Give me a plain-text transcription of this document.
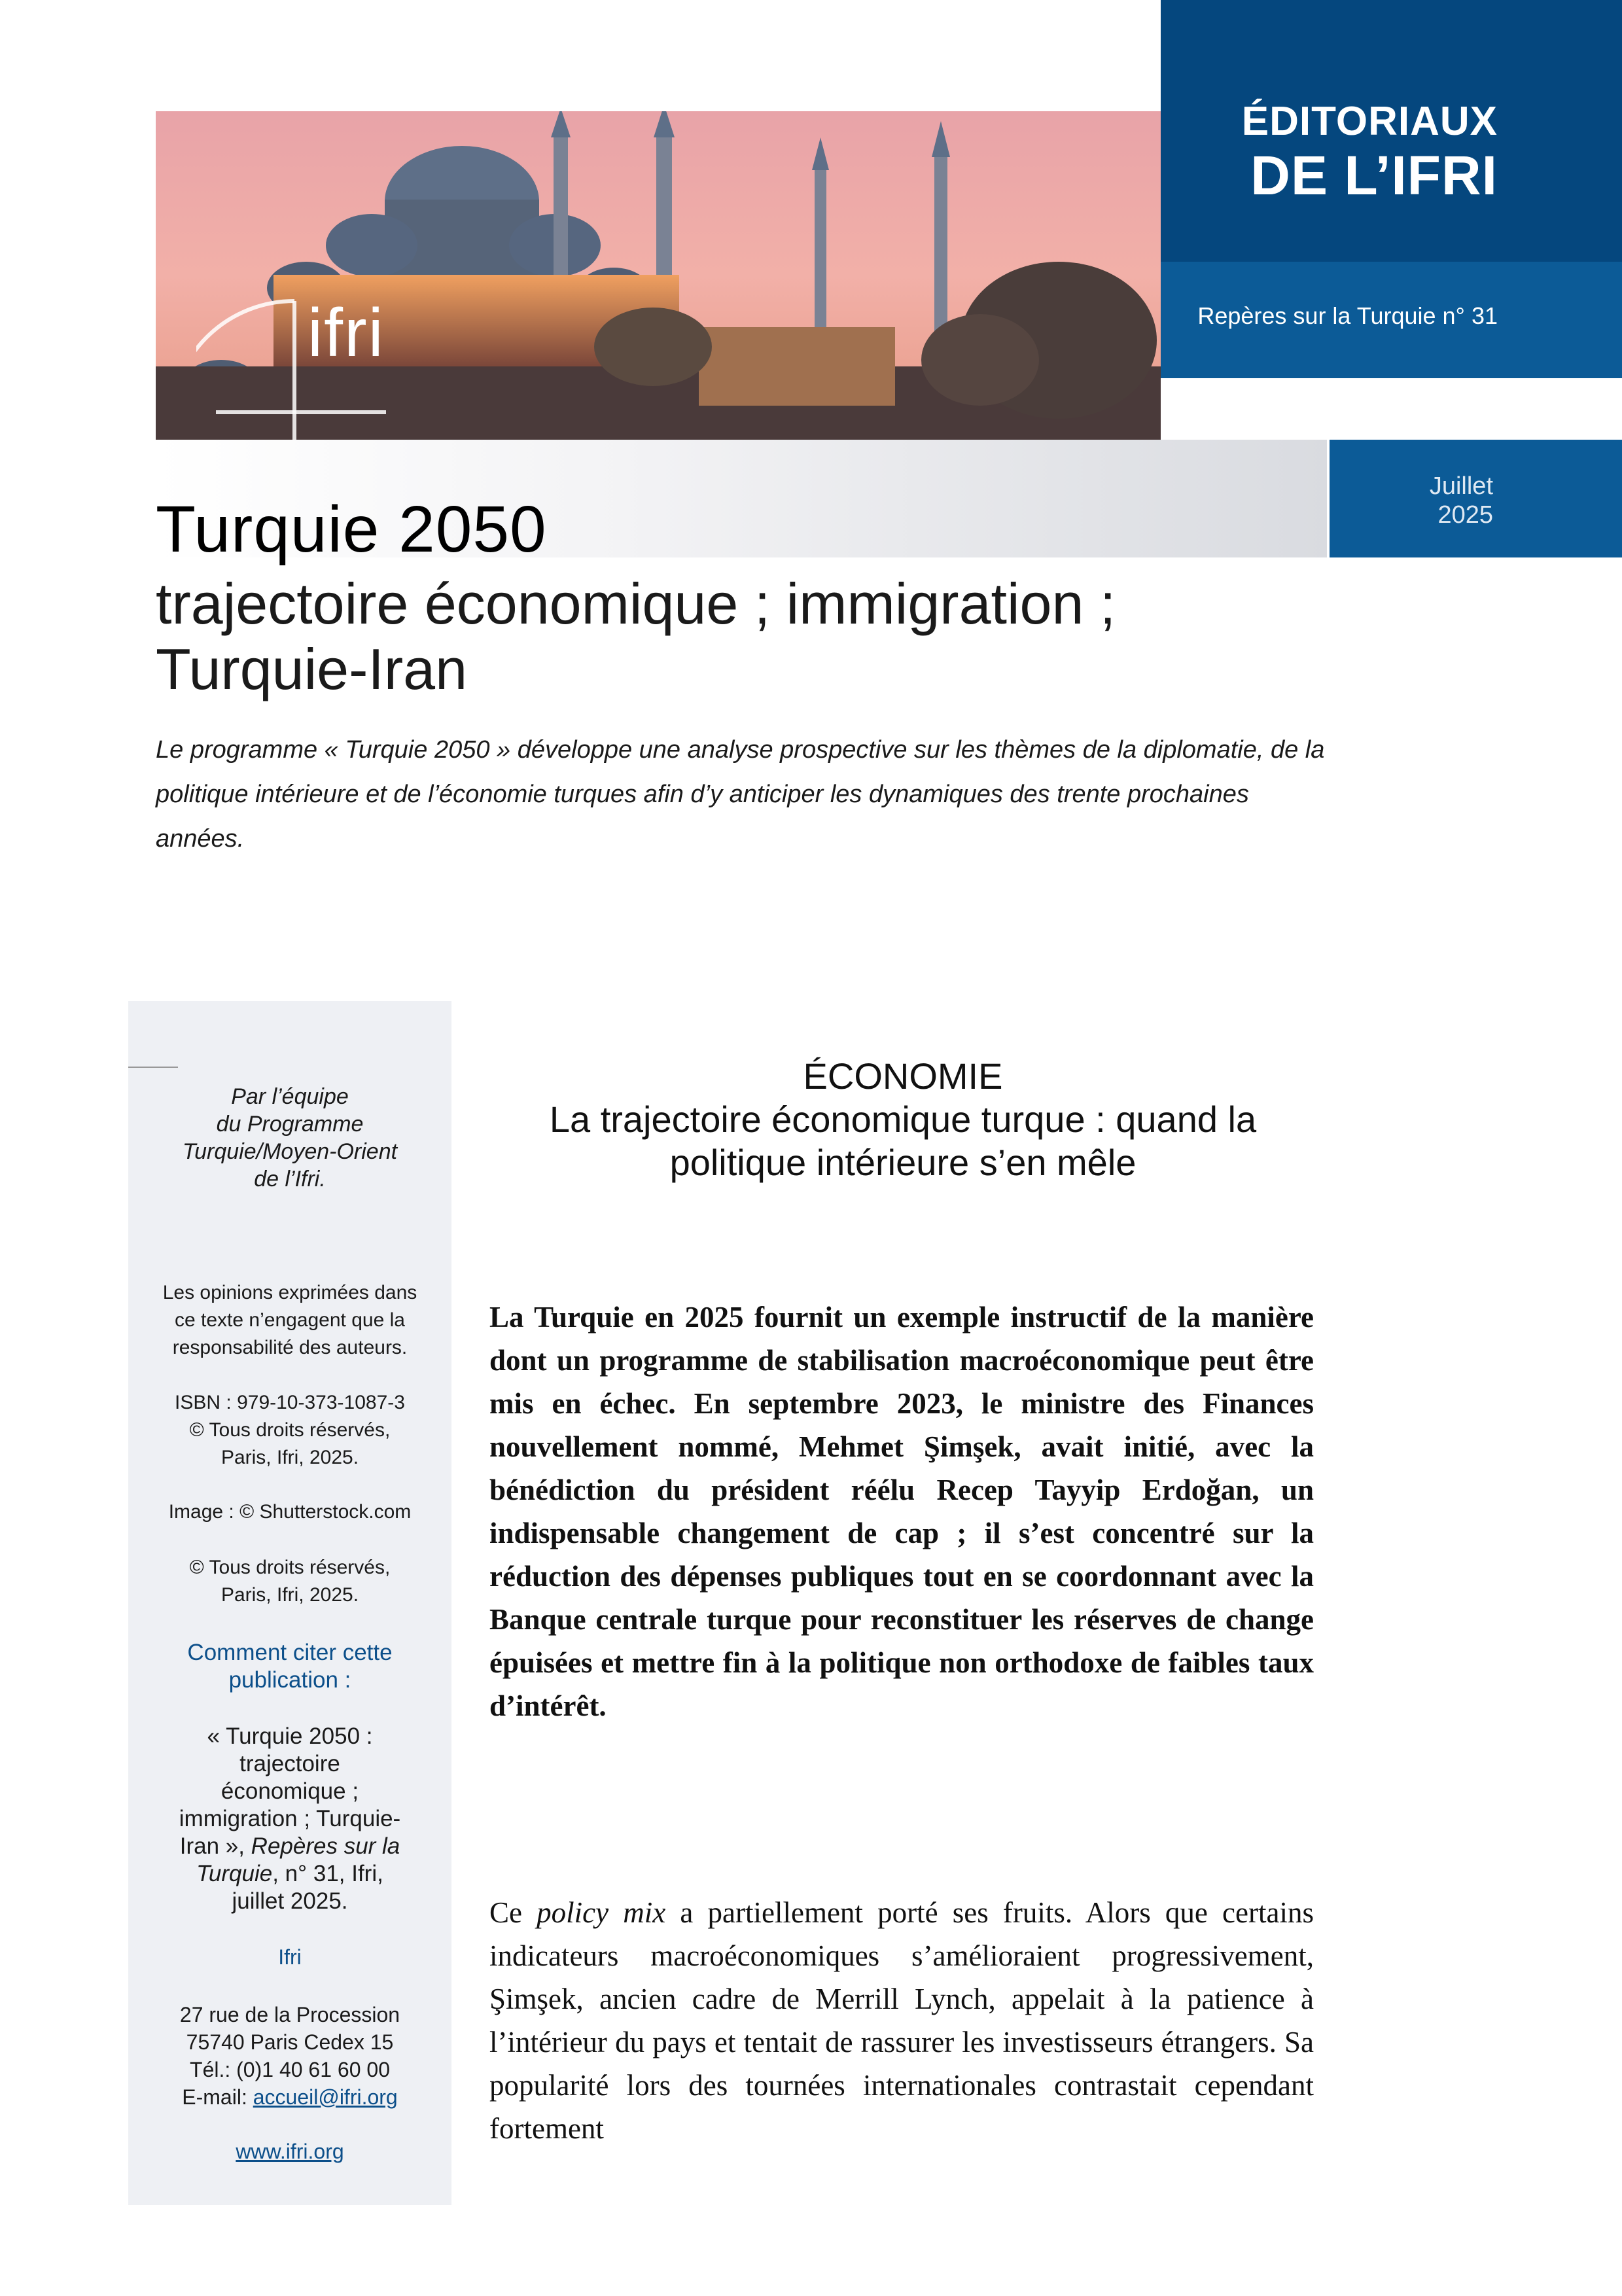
ifri
ÉDITORIAUX
DE L’IFRI
Repères sur la Turquie n° 31
Juillet
2025
Turquie 2050
trajectoire économique ; immigration ;
Turquie-Iran
Le programme « Turquie 2050 » développe une analyse prospective sur les thèmes de la diplomatie, de la politique intérieure et de l’économie turques afin d’y anticiper les dynamiques des trente prochaines années.
Par l’équipe
du Programme
Turquie/Moyen-Orient
de l’Ifri.
Les opinions exprimées dans
ce texte n’engagent que la
responsabilité des auteurs.
ISBN : 979-10-373-1087-3
© Tous droits réservés,
Paris, Ifri, 2025.
Image : © Shutterstock.com
© Tous droits réservés,
Paris, Ifri, 2025.
Comment citer cette
publication :
« Turquie 2050 :
trajectoire
économique ;
immigration ; Turquie-
Iran », Repères sur la
Turquie, n° 31, Ifri,
juillet 2025.
Ifri
27 rue de la Procession
75740 Paris Cedex 15
Tél.: (0)1 40 61 60 00
E-mail: accueil@ifri.org
www.ifri.org
ÉCONOMIE
La trajectoire économique turque : quand la
politique intérieure s’en mêle
La Turquie en 2025 fournit un exemple instructif de la manière dont un programme de stabilisation macroéconomique peut être mis en échec. En septembre 2023, le ministre des Finances nouvellement nommé, Mehmet Şimşek, avait initié, avec la bénédiction du président réélu Recep Tayyip Erdoğan, un indispensable changement de cap ; il s’est concentré sur la réduction des dépenses publiques tout en se coordonnant avec la Banque centrale turque pour reconstituer les réserves de change épuisées et mettre fin à la politique non orthodoxe de faibles taux d’intérêt.
Ce policy mix a partiellement porté ses fruits. Alors que certains indicateurs macroéconomiques s’amélioraient progressivement, Şimşek, ancien cadre de Merrill Lynch, appelait à la patience à l’intérieur du pays et tentait de rassurer les investisseurs étrangers. Sa popularité lors des tournées internationales contrastait cependant fortement
